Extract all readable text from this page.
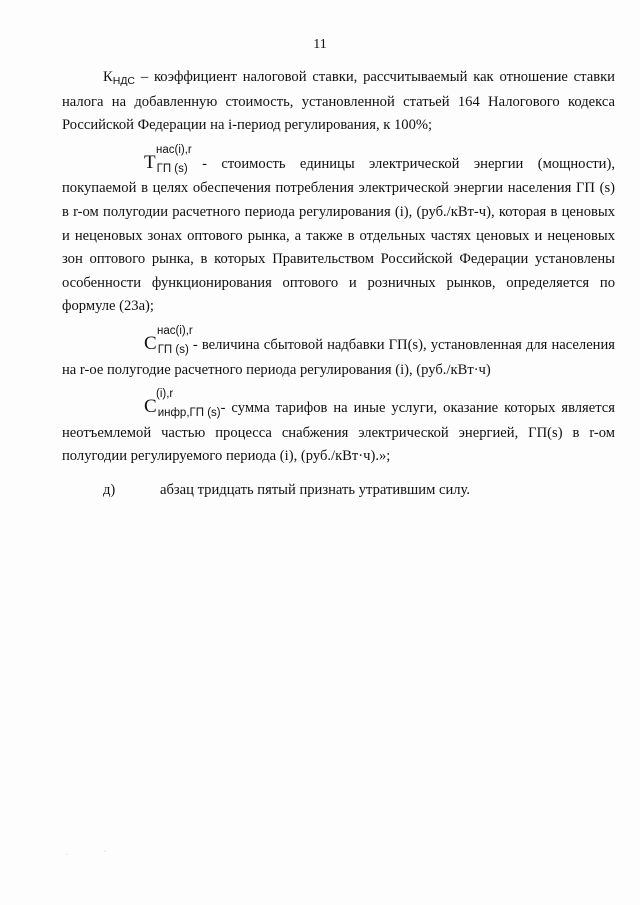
11

$К_{НДС}$ – коэффициент налоговой ставки, рассчитываемый как отношение ставки налога на добавленную стоимость, установленной статьей 164 Налогового кодекса Российской Федерации на i-период регулирования, к 100%;

T
нас(i),r
$_{ГП (s)}$ - стоимость единицы электрической энергии (мощности), покупаемой в целях обеспечения потребления электрической энергии населения ГП (s) в r-ом полугодии расчетного периода регулирования (i), (руб./кВт-ч), которая в ценовых и неценовых зонах оптового рынка, а также в отдельных частях ценовых и неценовых зон оптового рынка, в которых Правительством Российской Федерации установлены особенности функционирования оптового и розничных рынков, определяется по формуле (23а);

C
нас(i),r
$_{ГП (s)}$ - величина сбытовой надбавки ГП(s), установленная для населения на r-ое полугодие расчетного периода регулирования (i), (руб./кВт·ч)

C
(i),r
$_{инфр,ГП (s)}$- сумма тарифов на иные услуги, оказание которых является неотъемлемой частью процесса снабжения электрической энергией, ГП(s) в r-ом полугодии регулируемого периода (i), (руб./кВт·ч).»;

д)	абзац тридцать пятый признать утратившим силу.
·	·
